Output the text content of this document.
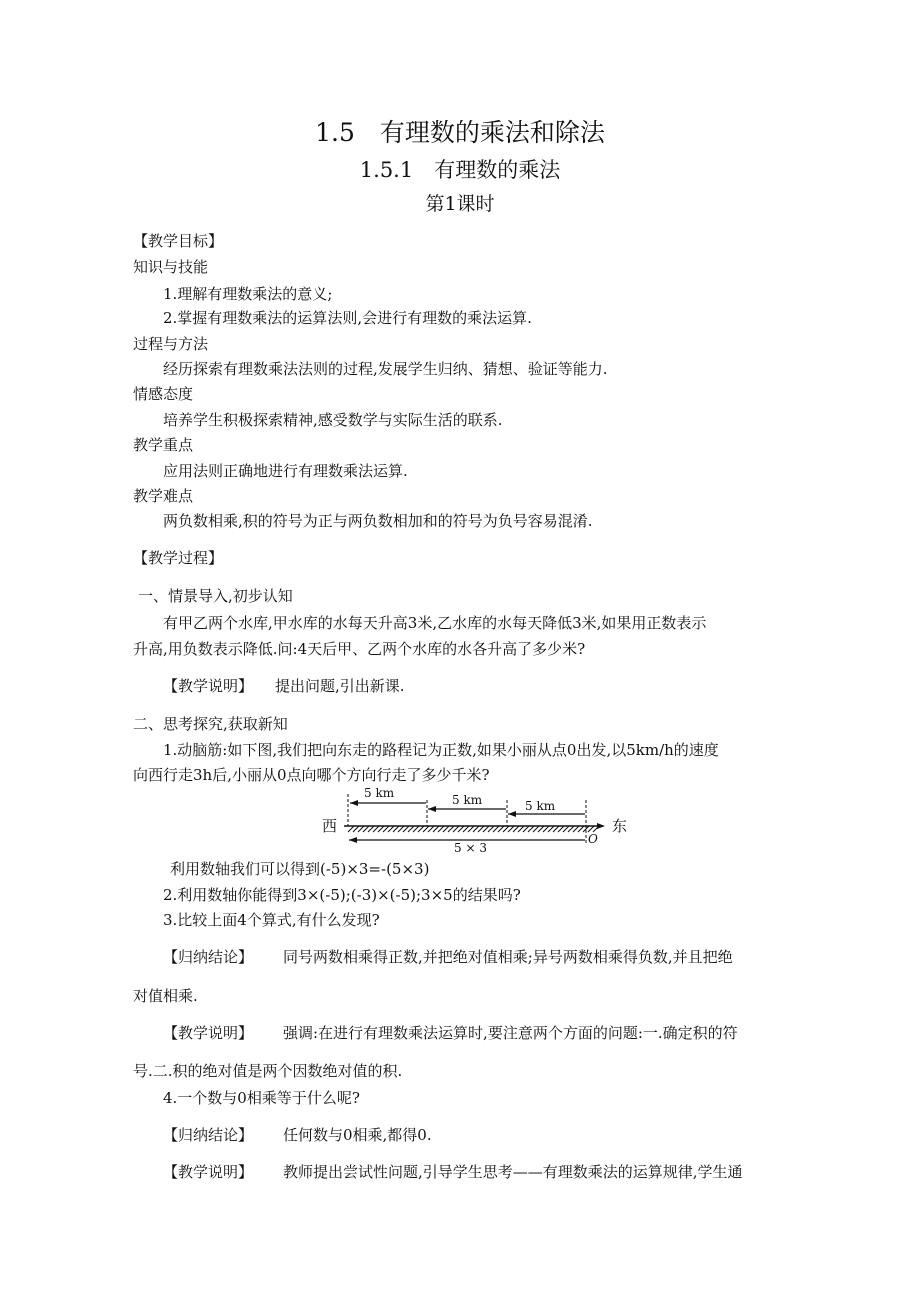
1.5　有理数的乘法和除法
1.5.1　有理数的乘法
第1课时
【教学目标】
知识与技能
1.理解有理数乘法的意义;
2.掌握有理数乘法的运算法则,会进行有理数的乘法运算.
过程与方法
经历探索有理数乘法法则的过程,发展学生归纳、猜想、验证等能力.
情感态度
培养学生积极探索精神,感受数学与实际生活的联系.
教学重点
应用法则正确地进行有理数乘法运算.
教学难点
两负数相乘,积的符号为正与两负数相加和的符号为负号容易混淆.
【教学过程】
一、情景导入,初步认知
有甲乙两个水库,甲水库的水每天升高3米,乙水库的水每天降低3米,如果用正数表示
升高,用负数表示降低.问:4天后甲、乙两个水库的水各升高了多少米?
【教学说明】 提出问题,引出新课.
二、思考探究,获取新知
1.动脑筋:如下图,我们把向东走的路程记为正数,如果小丽从点0出发,以5km/h的速度
向西行走3h后,小丽从0点向哪个方向行走了多少千米?
5 km	5 km	5 km
西	东
O
5 × 3
利用数轴我们可以得到(-5)×3=-(5×3)
2.利用数轴你能得到3×(-5);(-3)×(-5);3×5的结果吗?
3.比较上面4个算式,有什么发现?
【归纳结论】 同号两数相乘得正数,并把绝对值相乘;异号两数相乘得负数,并且把绝
对值相乘.
【教学说明】 强调:在进行有理数乘法运算时,要注意两个方面的问题:一.确定积的符
号.二.积的绝对值是两个因数绝对值的积.
4.一个数与0相乘等于什么呢?
【归纳结论】 任何数与0相乘,都得0.
【教学说明】 教师提出尝试性问题,引导学生思考——有理数乘法的运算规律,学生通
